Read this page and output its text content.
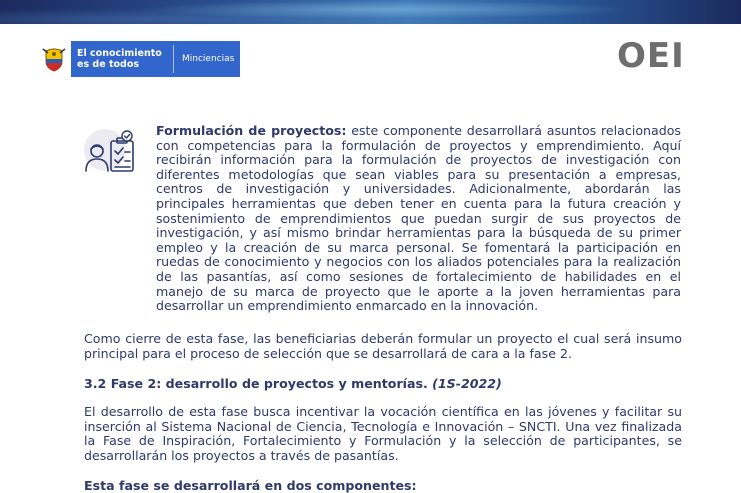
El conocimiento
es de todos	Minciencias	OEI

Formulación de proyectos: este componente desarrollará asuntos relacionados con competencias para la formulación de proyectos y emprendimiento. Aquí recibirán información para la formulación de proyectos de investigación con diferentes metodologías que sean viables para su presentación a empresas, centros de investigación y universidades. Adicionalmente, abordarán las principales herramientas que deben tener en cuenta para la futura creación y sostenimiento de emprendimientos que puedan surgir de sus proyectos de investigación, y así mismo brindar herramientas para la búsqueda de su primer empleo y la creación de su marca personal. Se fomentará la participación en ruedas de conocimiento y negocios con los aliados potenciales para la realización de las pasantías, así como sesiones de fortalecimiento de habilidades en el manejo de su marca de proyecto que le aporte a la joven herramientas para desarrollar un emprendimiento enmarcado en la innovación.

Como cierre de esta fase, las beneficiarias deberán formular un proyecto el cual será insumo principal para el proceso de selección que se desarrollará de cara a la fase 2.

3.2 Fase 2: desarrollo de proyectos y mentorías. (1S-2022)

El desarrollo de esta fase busca incentivar la vocación científica en las jóvenes y facilitar su inserción al Sistema Nacional de Ciencia, Tecnología e Innovación – SNCTI. Una vez finalizada la Fase de Inspiración, Fortalecimiento y Formulación y la selección de participantes, se desarrollarán los proyectos a través de pasantías.

Esta fase se desarrollará en dos componentes:
